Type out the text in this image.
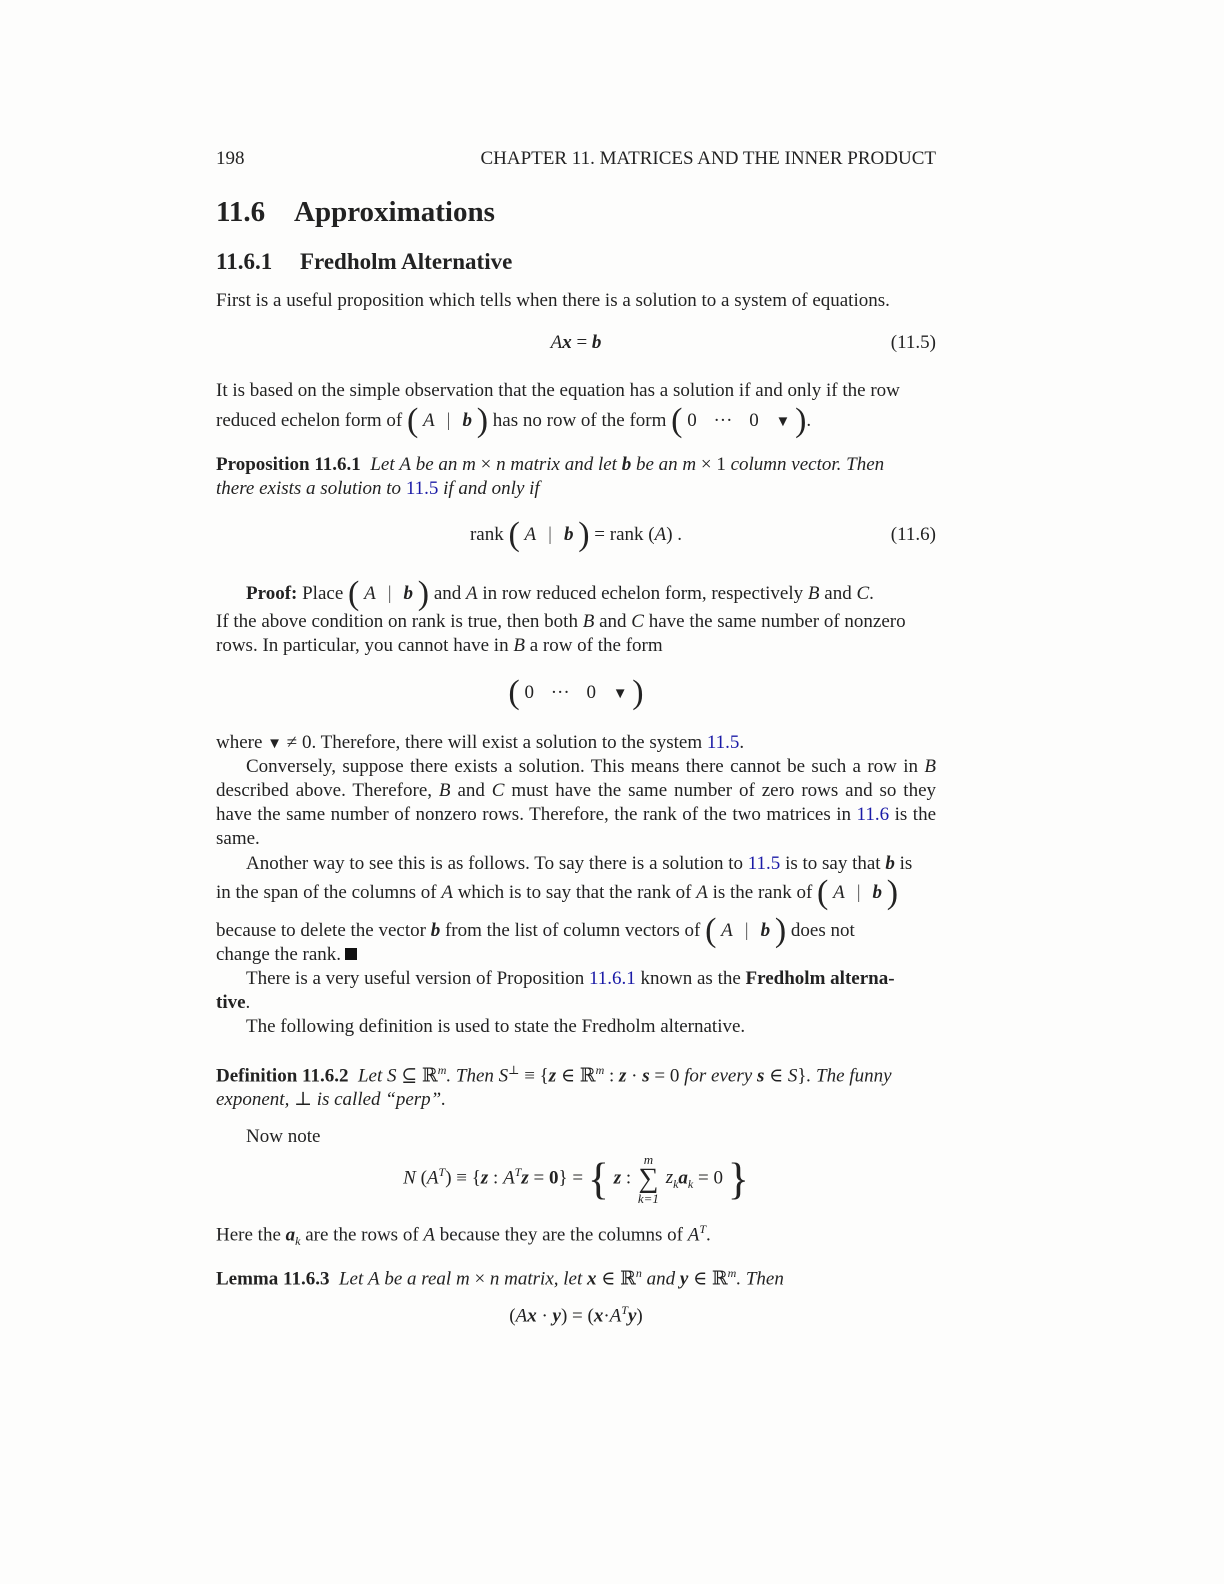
198	CHAPTER 11. MATRICES AND THE INNER PRODUCT
11.6 Approximations
11.6.1 Fredholm Alternative
First is a useful proposition which tells when there is a solution to a system of equations.
Ax = b	(11.5)
It is based on the simple observation that the equation has a solution if and only if the row
reduced echelon form of ( A | b ) has no row of the form ( 0 ··· 0 ▼ ).
Proposition 11.6.1 Let A be an m × n matrix and let b be an m × 1 column vector. Then
there exists a solution to 11.5 if and only if
rank ( A | b ) = rank (A) .	(11.6)
Proof: Place ( A | b ) and A in row reduced echelon form, respectively B and C.
If the above condition on rank is true, then both B and C have the same number of nonzero
rows. In particular, you cannot have in B a row of the form
( 0 ··· 0 ▼ )
where ▼ ≠ 0. Therefore, there will exist a solution to the system 11.5.
Conversely, suppose there exists a solution. This means there cannot be such a row in B described above. Therefore, B and C must have the same number of zero rows and so they have the same number of nonzero rows. Therefore, the rank of the two matrices in 11.6 is the same.
Another way to see this is as follows. To say there is a solution to 11.5 is to say that b is
in the span of the columns of A which is to say that the rank of A is the rank of ( A | b )
because to delete the vector b from the list of column vectors of ( A | b ) does not
change the rank.
There is a very useful version of Proposition 11.6.1 known as the Fredholm alterna-
tive.
The following definition is used to state the Fredholm alternative.
Definition 11.6.2 Let S ⊆ ℝ$^m$. Then S⊥ ≡ {z ∈ ℝ$^m$ : z · s = 0 for every s ∈ S}. The funny
exponent, ⊥ is called “perp”.
Now note
N $(A^T) \equiv \{z$ : $A^Tz = 0$} = { z : m
∑
k=1 $z_ka_k = 0$ }
Here the $a_k$ are the rows of A because they are the columns of $A^T$.
Lemma 11.6.3 Let A be a real m × n matrix, let x ∈ ℝ$^n$ and y ∈ ℝ$^m$. Then
$(Ax \cdot y) = (x\cdot A^Ty)$
